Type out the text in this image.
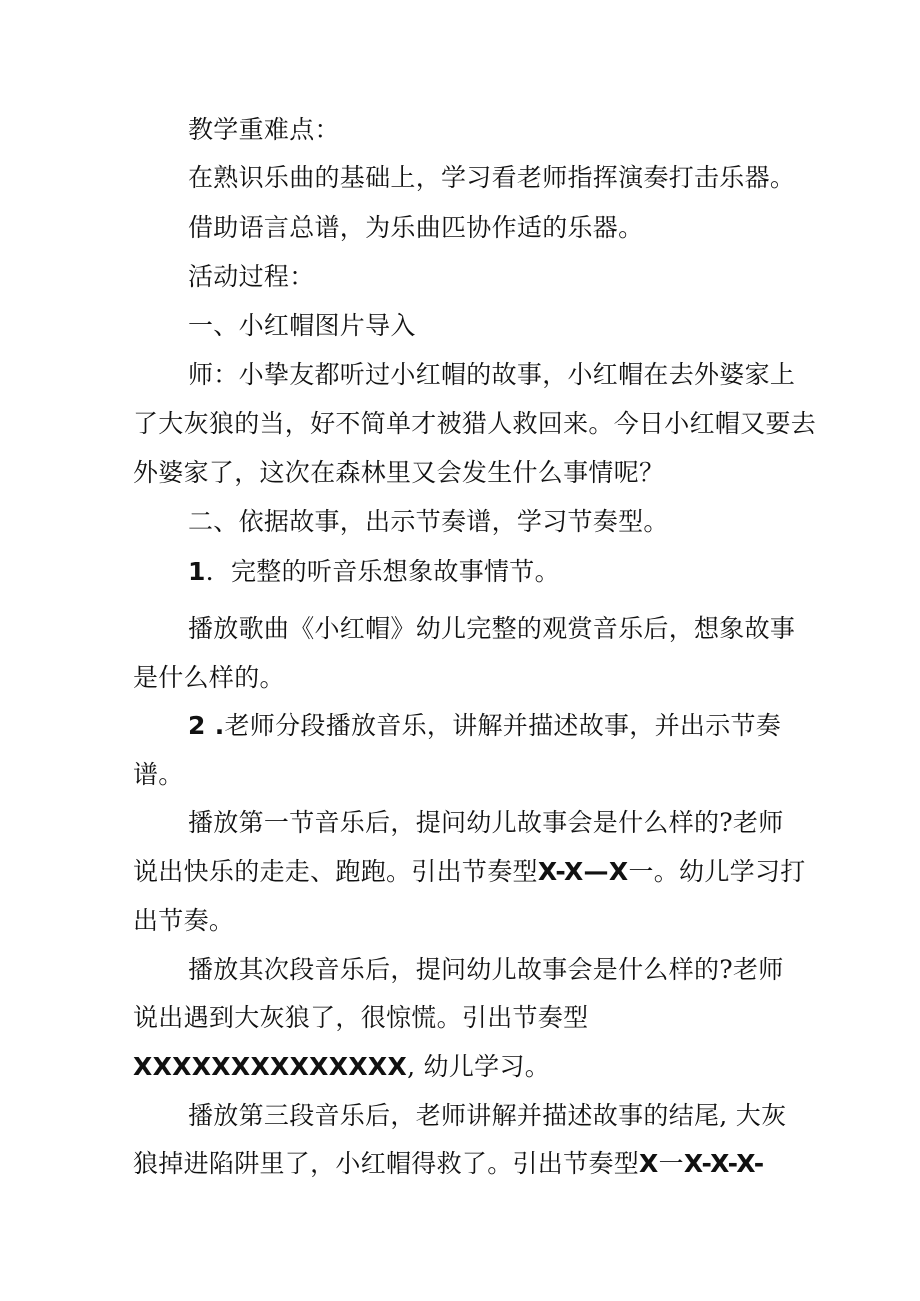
教学重难点：
在熟识乐曲的基础上，学习看老师指挥演奏打击乐器。
借助语言总谱，为乐曲匹协作适的乐器。
活动过程：
一、小红帽图片导入
师：小挚友都听过小红帽的故事，小红帽在去外婆家上
了大灰狼的当，好不简单才被猎人救回来。今日小红帽又要去
外婆家了，这次在森林里又会发生什么事情呢？
二、依据故事，出示节奏谱，学习节奏型。
1．完整的听音乐想象故事情节。
播放歌曲《小红帽》幼儿完整的观赏音乐后，想象故事
是什么样的。
2 .老师分段播放音乐，讲解并描述故事，并出示节奏
谱。
播放第一节音乐后，提问幼儿故事会是什么样的?老师
说出快乐的走走、跑跑。引出节奏型X-X—X一。幼儿学习打
出节奏。
播放其次段音乐后，提问幼儿故事会是什么样的?老师
说出遇到大灰狼了，很惊慌。引出节奏型
XXXXXXXXXXXXXX, 幼儿学习。
播放第三段音乐后，老师讲解并描述故事的结尾, 大灰
狼掉进陷阱里了，小红帽得救了。引出节奏型X一X-X-X-
